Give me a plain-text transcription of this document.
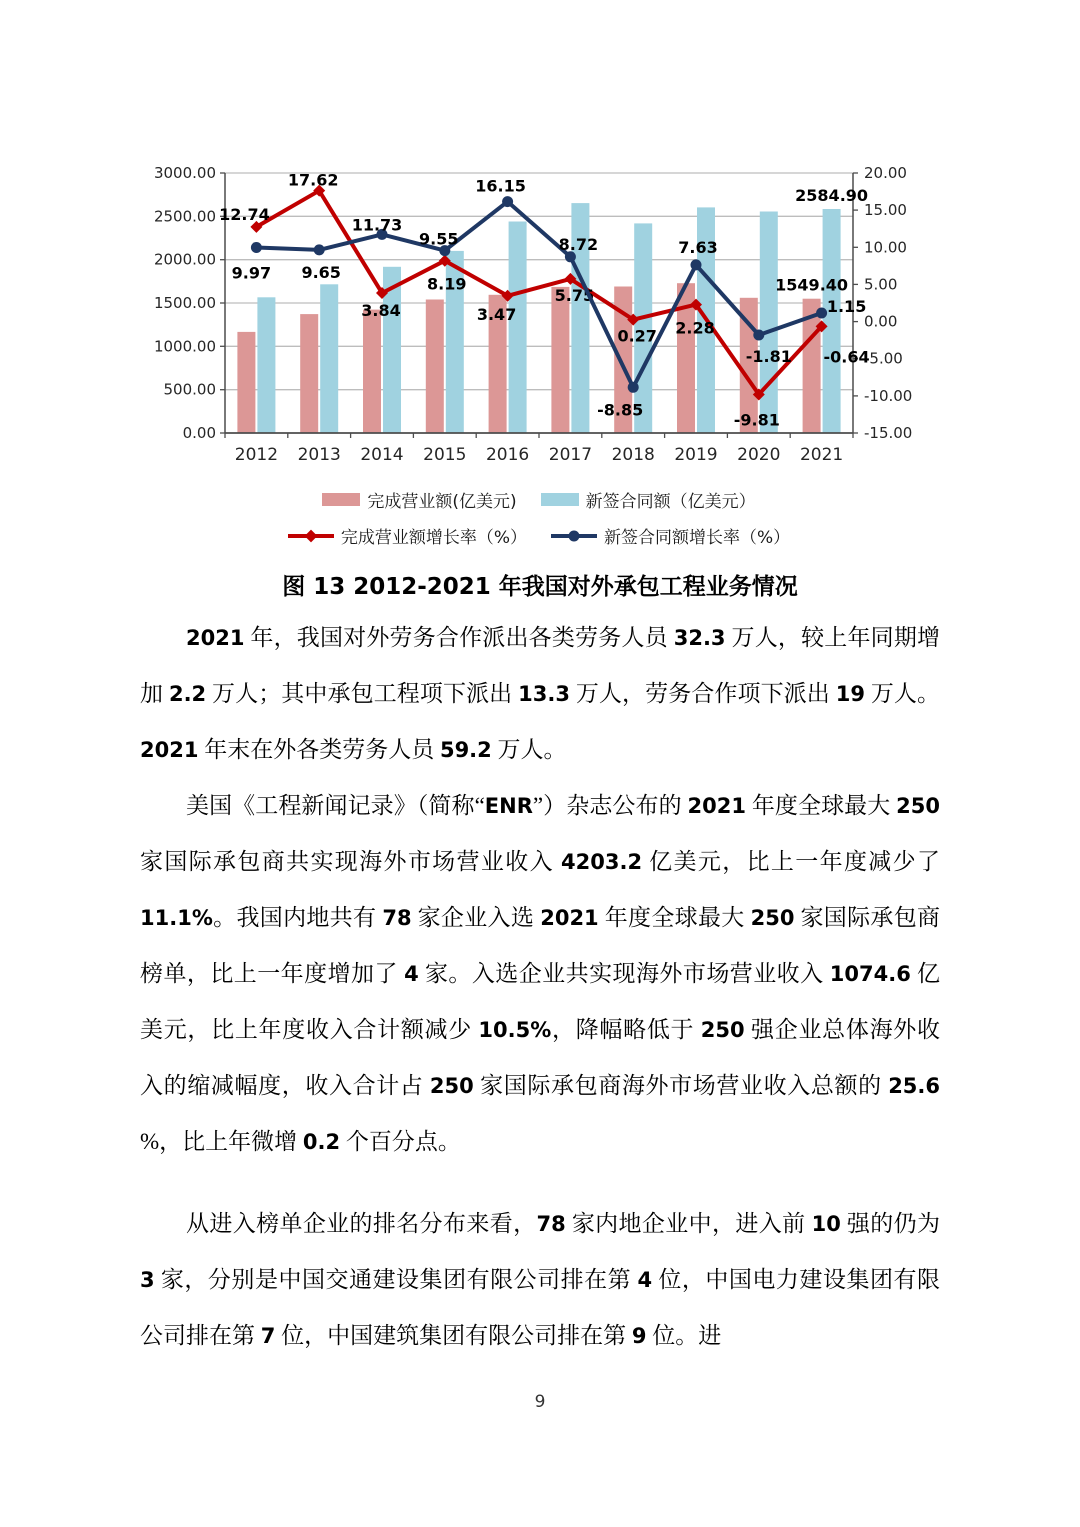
0.00
500.00
1000.00
1500.00
2000.00
2500.00
3000.00
-15.00
-10.00
-5.00
0.00
5.00
10.00
15.00
20.00
2012 2013 2014 2015 2016 2017 2018 2019 2020 2021
12.74
17.62
3.84
8.19
3.47
5.75
0.27 2.28
-9.81
-0.64
9.97 9.65
11.73
9.55
16.15
8.72
-8.85
7.63
-1.81
1.15
1549.40
2584.90
完成营业额(亿美元)	新签合同额（亿美元）
完成营业额增长率（%）	新签合同额增长率（%）
图 13 2012-2021 年我国对外承包工程业务情况

2021 年，我国对外劳务合作派出各类劳务人员 32.3 万人，较上年同期增加 2.2 万人；其中承包工程项下派出 13.3 万人，劳务合作项下派出 19 万人。2021 年末在外各类劳务人员 59.2 万人。

美国《工程新闻记录》（简称“ENR”）杂志公布的 2021 年度全球最大 250 家国际承包商共实现海外市场营业收入 4203.2 亿美元，比上一年度减少了 11.1%。我国内地共有 78 家企业入选 2021 年度全球最大 250 家国际承包商榜单，比上一年度增加了 4 家。入选企业共实现海外市场营业收入 1074.6 亿美元，比上年度收入合计额减少 10.5%，降幅略低于 250 强企业总体海外收入的缩减幅度，收入合计占 250 家国际承包商海外市场营业收入总额的 25.6 %，比上年微增 0.2 个百分点。

从进入榜单企业的排名分布来看，78 家内地企业中，进入前 10 强的仍为 3 家，分别是中国交通建设集团有限公司排在第 4 位，中国电力建设集团有限公司排在第 7 位，中国建筑集团有限公司排在第 9 位。进

9
